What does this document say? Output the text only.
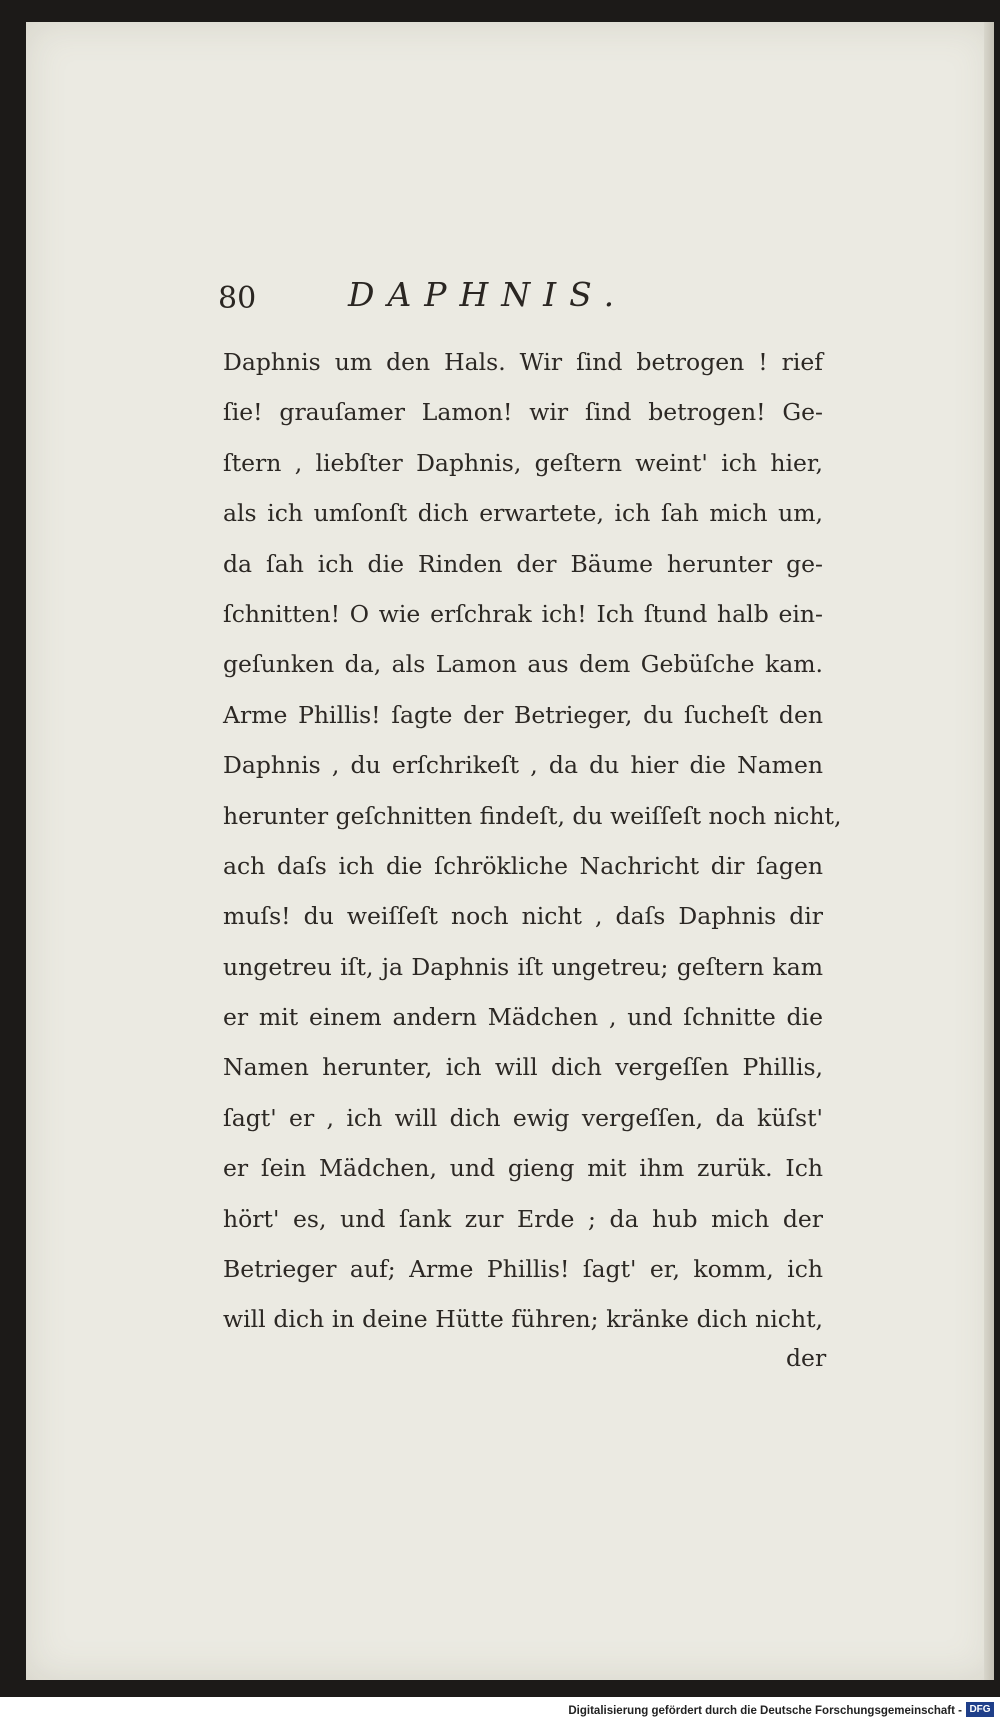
80	DAPHNIS.
Daphnis um den Hals. Wir ſind betrogen ! rief
ſie! grauſamer Lamon! wir ſind betrogen! Ge-
ſtern , liebſter Daphnis, geſtern weint' ich hier,
als ich umſonſt dich erwartete, ich ſah mich um,
da ſah ich die Rinden der Bäume herunter ge-
ſchnitten! O wie erſchrak ich! Ich ſtund halb ein-
geſunken da, als Lamon aus dem Gebüſche kam.
Arme Phillis! ſagte der Betrieger, du ſucheſt den
Daphnis , du erſchrikeſt , da du hier die Namen
herunter geſchnitten findeſt, du weiſſeſt noch nicht,
ach daſs ich die ſchrökliche Nachricht dir ſagen
muſs! du weiſſeſt noch nicht , daſs Daphnis dir
ungetreu iſt, ja Daphnis iſt ungetreu; geſtern kam
er mit einem andern Mädchen , und ſchnitte die
Namen herunter, ich will dich vergeſſen Phillis,
ſagt' er , ich will dich ewig vergeſſen, da küſst'
er ſein Mädchen, und gieng mit ihm zurük. Ich
hört' es, und ſank zur Erde ; da hub mich der
Betrieger auf; Arme Phillis! ſagt' er, komm, ich
will dich in deine Hütte führen; kränke dich nicht,
der
Digitalisierung gefördert durch die Deutsche Forschungsgemeinschaft - DFG
